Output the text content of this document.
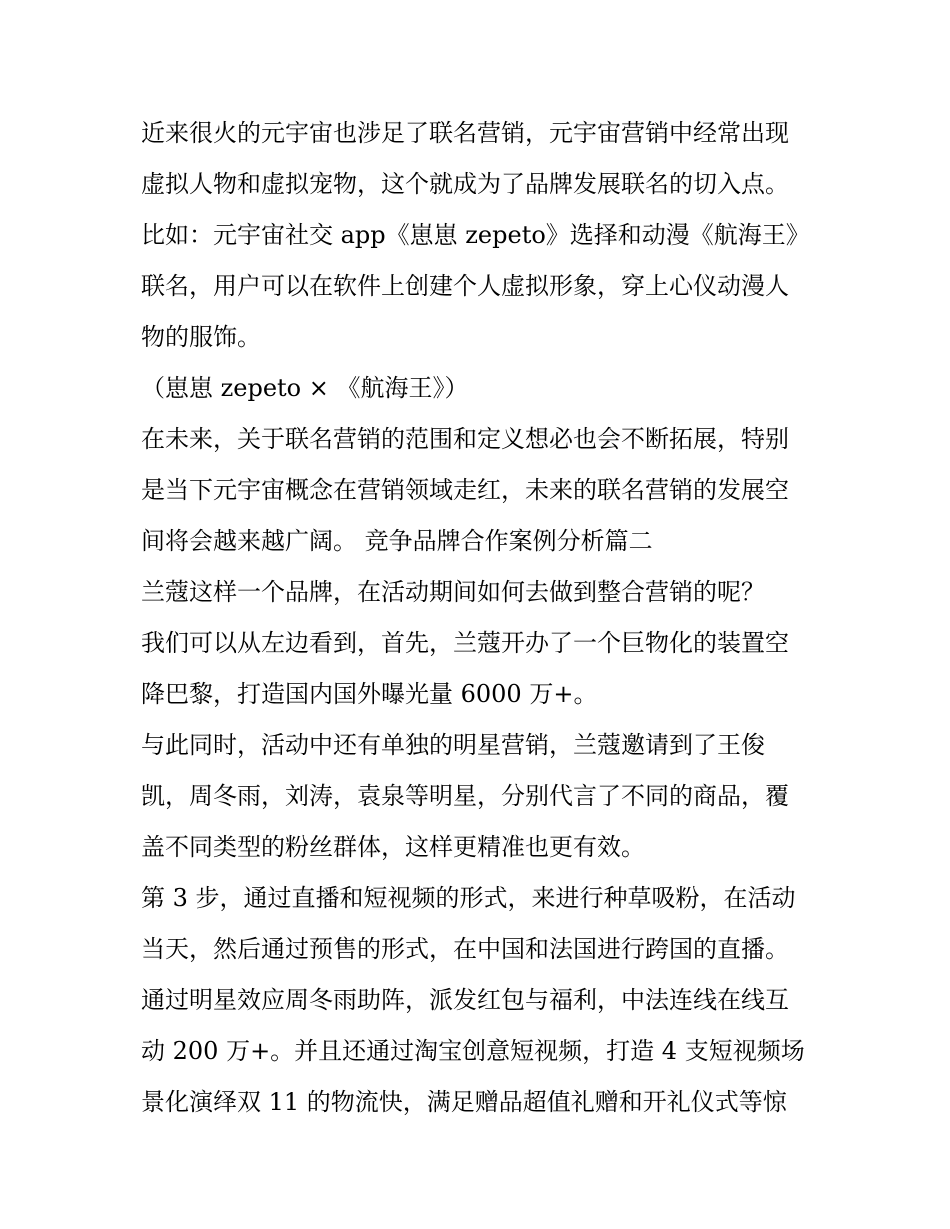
近来很火的元宇宙也涉足了联名营销，元宇宙营销中经常出现

虚拟人物和虚拟宠物，这个就成为了品牌发展联名的切入点。

比如：元宇宙社交 app《崽崽 zepeto》选择和动漫《航海王》

联名，用户可以在软件上创建个人虚拟形象，穿上心仪动漫人

物的服饰。

（崽崽 zepeto × 《航海王》）

在未来，关于联名营销的范围和定义想必也会不断拓展，特别

是当下元宇宙概念在营销领域走红，未来的联名营销的发展空

间将会越来越广阔。 竞争品牌合作案例分析篇二

兰蔻这样一个品牌，在活动期间如何去做到整合营销的呢？

我们可以从左边看到，首先，兰蔻开办了一个巨物化的装置空

降巴黎，打造国内国外曝光量 6000 万+。

与此同时，活动中还有单独的明星营销，兰蔻邀请到了王俊

凯，周冬雨，刘涛，袁泉等明星，分别代言了不同的商品，覆

盖不同类型的粉丝群体，这样更精准也更有效。

第 3 步，通过直播和短视频的形式，来进行种草吸粉，在活动

当天，然后通过预售的形式，在中国和法国进行跨国的直播。

通过明星效应周冬雨助阵，派发红包与福利，中法连线在线互

动 200 万+。并且还通过淘宝创意短视频，打造 4 支短视频场

景化演绎双 11 的物流快，满足赠品超值礼赠和开礼仪式等惊
